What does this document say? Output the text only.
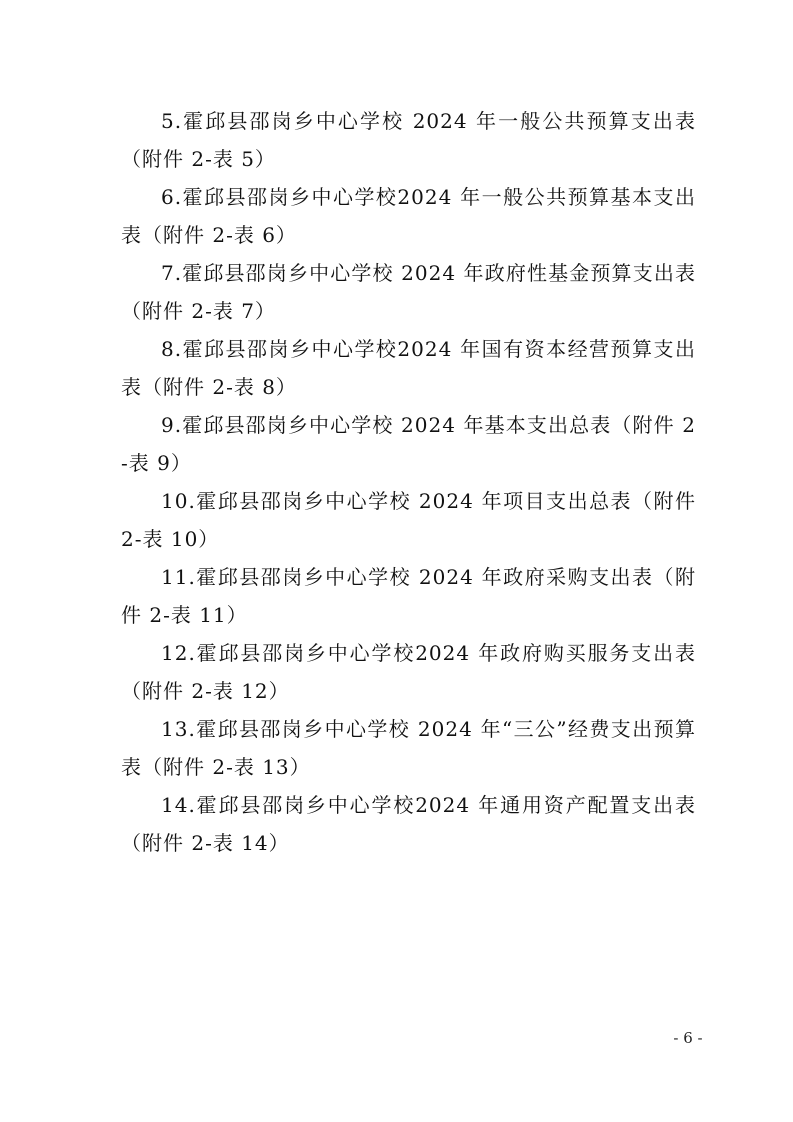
5.霍邱县邵岗乡中心学校 2024 年一般公共预算支出表（附件 2-表 5）

6.霍邱县邵岗乡中心学校2024 年一般公共预算基本支出表（附件 2-表 6）

7.霍邱县邵岗乡中心学校 2024 年政府性基金预算支出表（附件 2-表 7）

8.霍邱县邵岗乡中心学校2024 年国有资本经营预算支出表（附件 2-表 8）

9.霍邱县邵岗乡中心学校 2024 年基本支出总表（附件 2-表 9）

10.霍邱县邵岗乡中心学校 2024 年项目支出总表（附件 2-表 10）

11.霍邱县邵岗乡中心学校 2024 年政府采购支出表（附件 2-表 11）

12.霍邱县邵岗乡中心学校2024 年政府购买服务支出表（附件 2-表 12）

13.霍邱县邵岗乡中心学校 2024 年“三公”经费支出预算表（附件 2-表 13）

14.霍邱县邵岗乡中心学校2024 年通用资产配置支出表（附件 2-表 14）

- 6 -
